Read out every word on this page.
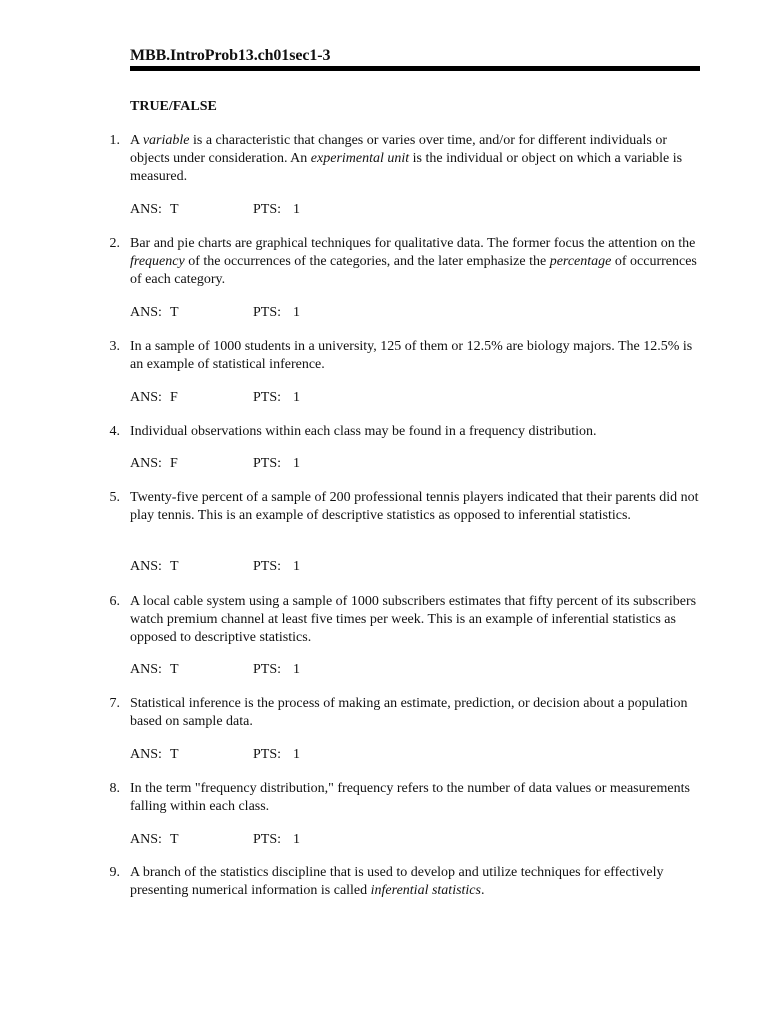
MBB.IntroProb13.ch01sec1-3
TRUE/FALSE
1. A variable is a characteristic that changes or varies over time, and/or for different individuals or objects under consideration. An experimental unit is the individual or object on which a variable is measured.
ANS: T	PTS: 1
2. Bar and pie charts are graphical techniques for qualitative data. The former focus the attention on the frequency of the occurrences of the categories, and the later emphasize the percentage of occurrences of each category.
ANS: T	PTS: 1
3. In a sample of 1000 students in a university, 125 of them or 12.5% are biology majors. The 12.5% is an example of statistical inference.
ANS: F	PTS: 1
4. Individual observations within each class may be found in a frequency distribution.
ANS: F	PTS: 1
5. Twenty-five percent of a sample of 200 professional tennis players indicated that their parents did not play tennis. This is an example of descriptive statistics as opposed to inferential statistics.
ANS: T	PTS: 1
6. A local cable system using a sample of 1000 subscribers estimates that fifty percent of its subscribers watch premium channel at least five times per week. This is an example of inferential statistics as opposed to descriptive statistics.
ANS: T	PTS: 1
7. Statistical inference is the process of making an estimate, prediction, or decision about a population based on sample data.
ANS: T	PTS: 1
8. In the term "frequency distribution," frequency refers to the number of data values or measurements falling within each class.
ANS: T	PTS: 1
9. A branch of the statistics discipline that is used to develop and utilize techniques for effectively presenting numerical information is called inferential statistics.
